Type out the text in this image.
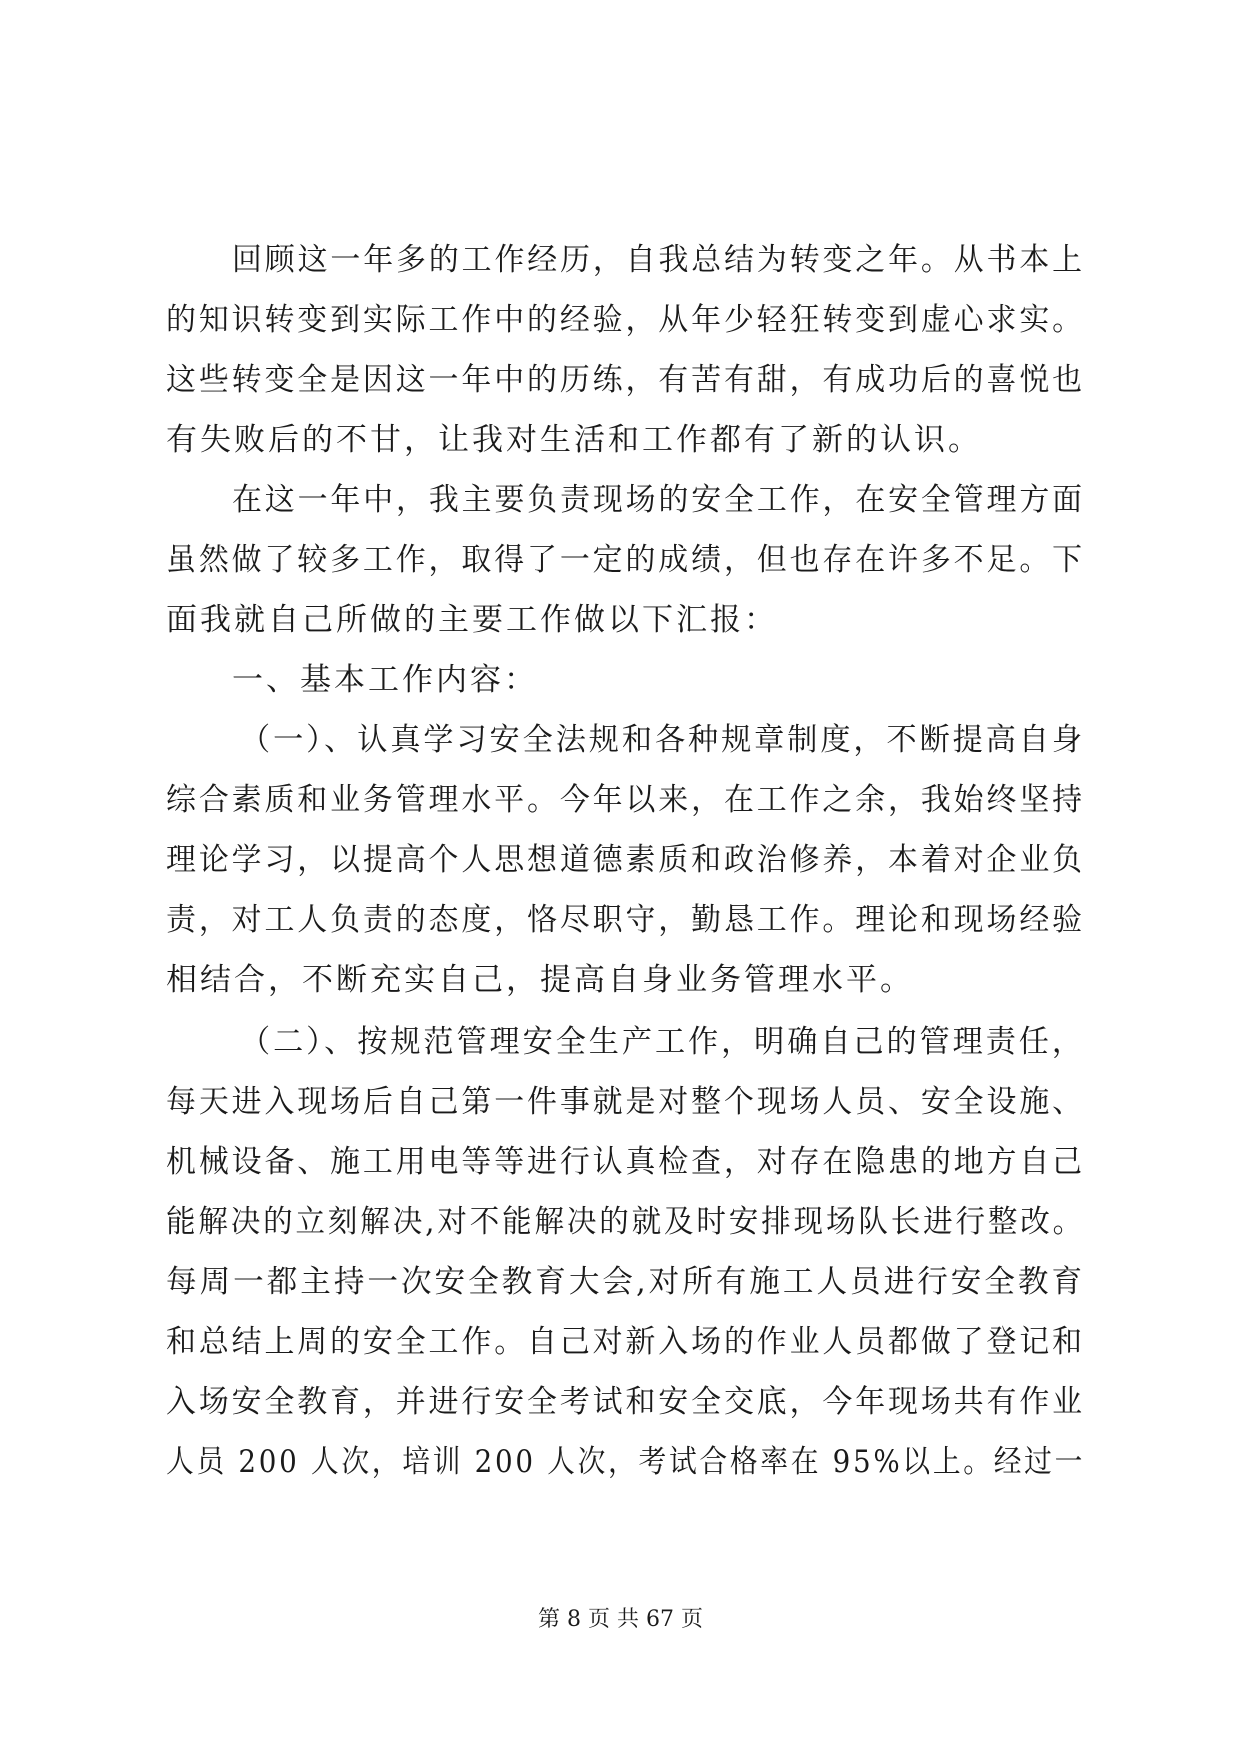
回顾这一年多的工作经历，自我总结为转变之年。从书本上
的知识转变到实际工作中的经验，从年少轻狂转变到虚心求实。
这些转变全是因这一年中的历练，有苦有甜，有成功后的喜悦也
有失败后的不甘，让我对生活和工作都有了新的认识。
在这一年中，我主要负责现场的安全工作，在安全管理方面
虽然做了较多工作，取得了一定的成绩，但也存在许多不足。下
面我就自己所做的主要工作做以下汇报：
一、基本工作内容：
（一）、认真学习安全法规和各种规章制度，不断提高自身
综合素质和业务管理水平。今年以来，在工作之余，我始终坚持
理论学习，以提高个人思想道德素质和政治修养，本着对企业负
责，对工人负责的态度，恪尽职守，勤恳工作。理论和现场经验
相结合，不断充实自己，提高自身业务管理水平。
（二）、按规范管理安全生产工作，明确自己的管理责任，
每天进入现场后自己第一件事就是对整个现场人员、安全设施、
机械设备、施工用电等等进行认真检查，对存在隐患的地方自己
能解决的立刻解决,对不能解决的就及时安排现场队长进行整改。
每周一都主持一次安全教育大会,对所有施工人员进行安全教育
和总结上周的安全工作。自己对新入场的作业人员都做了登记和
入场安全教育，并进行安全考试和安全交底，今年现场共有作业
人员 200 人次，培训 200 人次，考试合格率在 95%以上。经过一
第 8 页 共 67 页
